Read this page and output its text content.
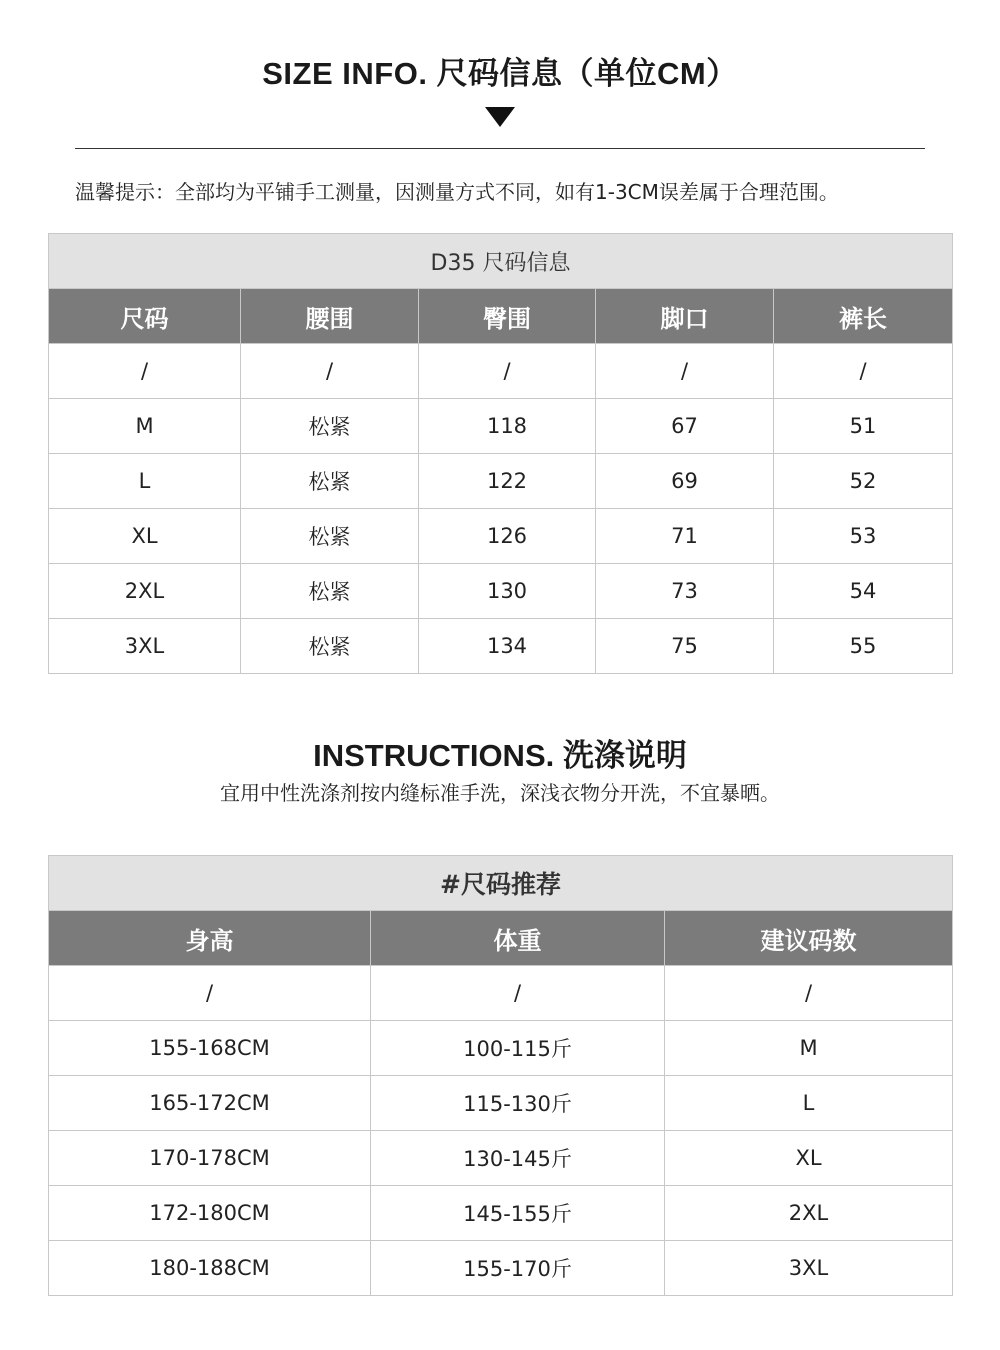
SIZE INFO. 尺码信息（单位CM）
温馨提示：全部均为平铺手工测量，因测量方式不同，如有1-3CM误差属于合理范围。
D35 尺码信息				
尺码	腰围	臀围	脚口	裤长
/	/	/	/	/
M	松紧	118	67	51
L	松紧	122	69	52
XL	松紧	126	71	53
2XL	松紧	130	73	54
3XL	松紧	134	75	55
INSTRUCTIONS. 洗涤说明
宜用中性洗涤剂按内缝标准手洗，深浅衣物分开洗，不宜暴晒。
#尺码推荐		
身高	体重	建议码数
/	/	/
155-168CM	100-115斤	M
165-172CM	115-130斤	L
170-178CM	130-145斤	XL
172-180CM	145-155斤	2XL
180-188CM	155-170斤	3XL
